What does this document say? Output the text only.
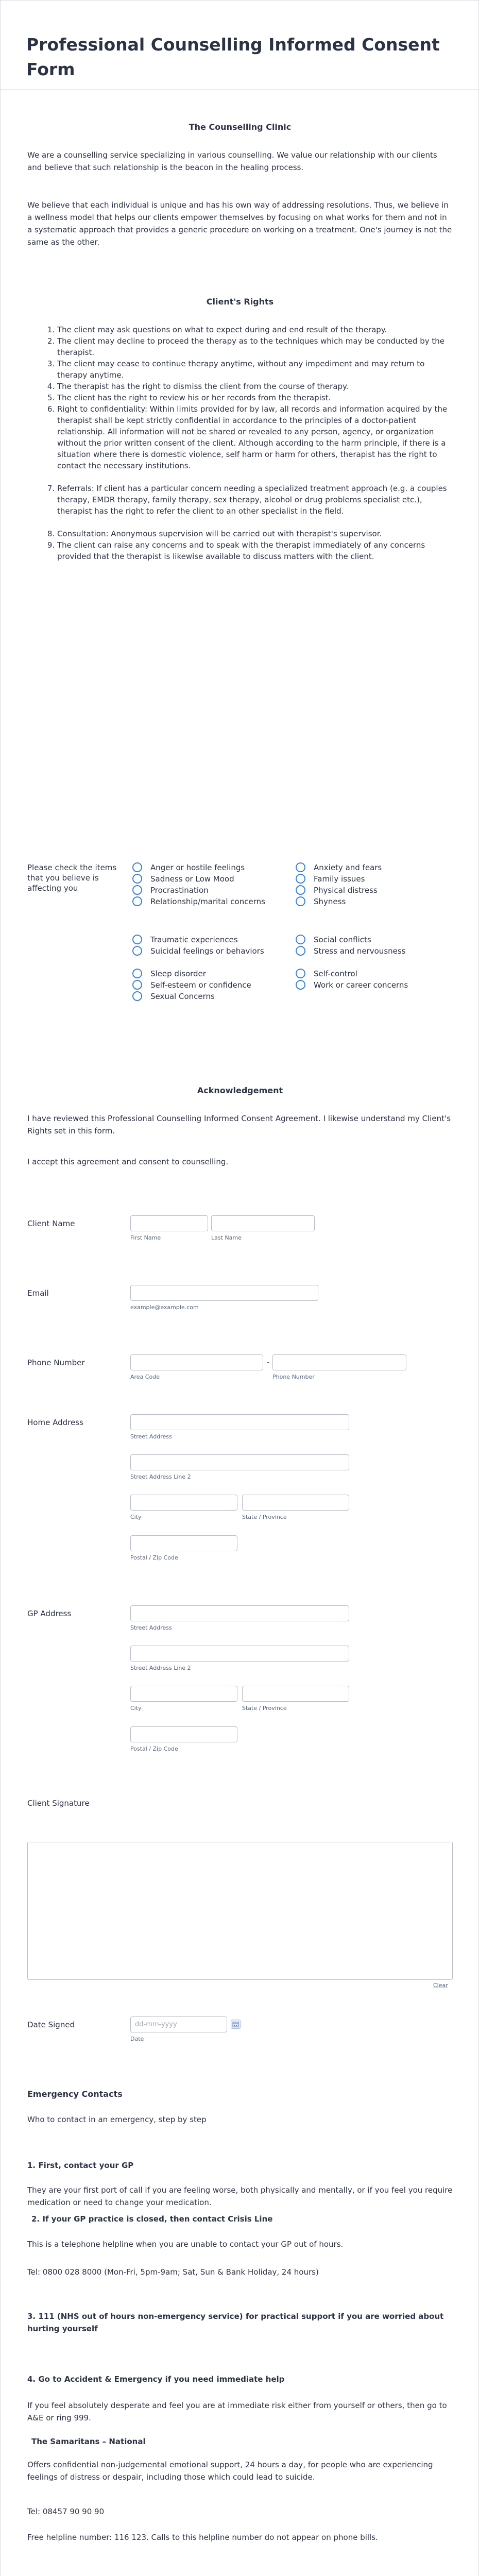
Professional Counselling Informed Consent Form
The Counselling Clinic

We are a counselling service specializing in various counselling. We value our relationship with our clients and believe that such relationship is the beacon in the healing process.

We believe that each individual is unique and has his own way of addressing resolutions. Thus, we believe in a wellness model that helps our clients empower themselves by focusing on what works for them and not in a systematic approach that provides a generic procedure on working on a treatment. One's journey is not the same as the other.

Client's Rights
1. The client may ask questions on what to expect during and end result of the therapy.
2. The client may decline to proceed the therapy as to the techniques which may be conducted by the therapist.
3. The client may cease to continue therapy anytime, without any impediment and may return to therapy anytime.
4. The therapist has the right to dismiss the client from the course of therapy.
5. The client has the right to review his or her records from the therapist.
6. Right to confidentiality: Within limits provided for by law, all records and information acquired by the therapist shall be kept strictly confidential in accordance to the principles of a doctor-patient relationship. All information will not be shared or revealed to any person, agency, or organization without the prior written consent of the client. Although according to the harm principle, if there is a situation where there is domestic violence, self harm or harm for others, therapist has the right to contact the necessary institutions.
7. Referrals: If client has a particular concern needing a specialized treatment approach (e.g. a couples therapy, EMDR therapy, family therapy, sex therapy, alcohol or drug problems specialist etc.), therapist has the right to refer the client to an other specialist in the field.
8. Consultation: Anonymous supervision will be carried out with therapist's supervisor.
9. The client can raise any concerns and to speak with the therapist immediately of any concerns provided that the therapist is likewise available to discuss matters with the client.
Please check the items that you believe is affecting you
Acknowledgement

I have reviewed this Professional Counselling Informed Consent Agreement. I likewise understand my Client's Rights set in this form.

I accept this agreement and consent to counselling.

Client Name
First Name	Last Name
Email
example@example.com
Phone Number
Area Code
-
Phone Number
Home Address
Street Address
Street Address Line 2
City	State / Province
Postal / Zip Code
GP Address
Street Address
Street Address Line 2
City	State / Province
Postal / Zip Code
Client Signature
Clear
Date Signed	dd-mm-yyyy
Date
Emergency Contacts

Who to contact in an emergency, step by step

1. First, contact your GP

They are your first port of call if you are feeling worse, both physically and mentally, or if you feel you require medication or need to change your medication.

2. If your GP practice is closed, then contact Crisis Line

This is a telephone helpline when you are unable to contact your GP out of hours.

Tel: 0800 028 8000 (Mon-Fri, 5pm-9am; Sat, Sun & Bank Holiday, 24 hours)

3. 111 (NHS out of hours non-emergency service) for practical support if you are worried about hurting yourself
4. Go to Accident & Emergency if you need immediate help

If you feel absolutely desperate and feel you are at immediate risk either from yourself or others, then go to A&E or ring 999.

The Samaritans – National

Offers confidential non-judgemental emotional support, 24 hours a day, for people who are experiencing feelings of distress or despair, including those which could lead to suicide.

Tel: 08457 90 90 90

Free helpline number: 116 123. Calls to this helpline number do not appear on phone bills.

Anger or hostile feelings
Sadness or Low Mood
Procrastination
Relationship/marital concerns
Traumatic experiences
Suicidal feelings or behaviors
Sleep disorder
Self-esteem or confidence
Sexual Concerns
Anxiety and fears
Family issues
Physical distress
Shyness
Social conflicts
Stress and nervousness
Self-control
Work or career concerns
